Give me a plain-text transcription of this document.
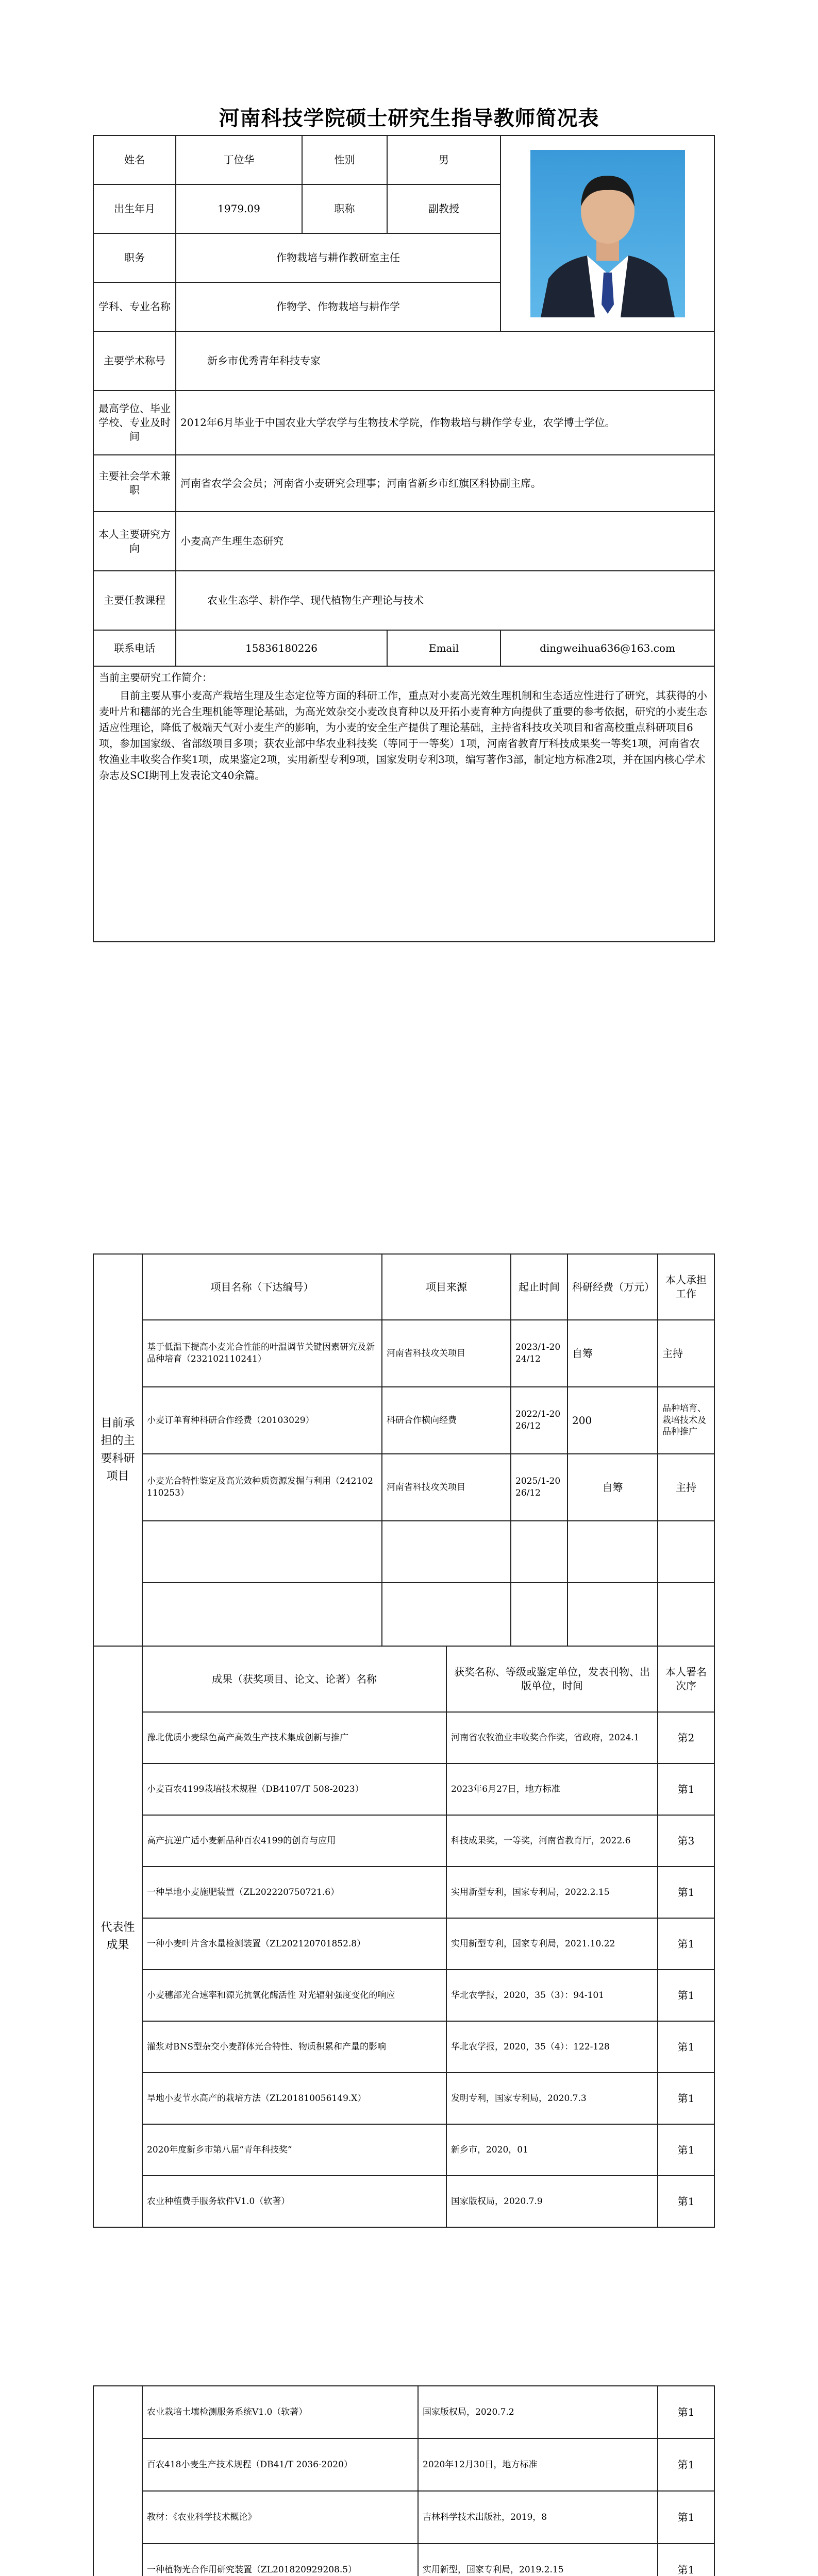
河南科技学院硕士研究生指导教师简况表
姓名	丁位华	性别	男	

出生年月	1979.09	职称	副教授	
职务	作物栽培与耕作教研室主任			
学科、专业名称	作物学、作物栽培与耕作学			
主要学术称号	新乡市优秀青年科技专家			
最高学位、毕业学校、专业及时间	2012年6月毕业于中国农业大学农学与生物技术学院，作物栽培与耕作学专业，农学博士学位。			
主要社会学术兼职	河南省农学会会员；河南省小麦研究会理事；河南省新乡市红旗区科协副主席。			
本人主要研究方向	小麦高产生理生态研究			
主要任教课程	农业生态学、耕作学、现代植物生产理论与技术			
联系电话	15836180226		Email	dingweihua636@163.com

当前主要研究工作简介：

目前主要从事小麦高产栽培生理及生态定位等方面的科研工作，重点对小麦高光效生理机制和生态适应性进行了研究，其获得的小麦叶片和穗部的光合生理机能等理论基础，为高光效杂交小麦改良育种以及开拓小麦育种方向提供了重要的参考依据，研究的小麦生态适应性理论，降低了极端天气对小麦生产的影响，为小麦的安全生产提供了理论基础，主持省科技攻关项目和省高校重点科研项目6项，参加国家级、省部级项目多项；获农业部中华农业科技奖（等同于一等奖）1项，河南省教育厅科技成果奖一等奖1项，河南省农牧渔业丰收奖合作奖1项，成果鉴定2项，实用新型专利9项，国家发明专利3项，编写著作3部，制定地方标准2项，并在国内核心学术杂志及SCI期刊上发表论文40余篇。				

目前承担的主要科研项目	项目名称（下达编号）	项目来源		起止时间	科研经费（万元）	本人承担工作
	基于低温下提高小麦光合性能的叶温调节关键因素研究及新品种培育（232102110241）	河南省科技攻关项目		2023/1-2024/12	自筹	主持
	小麦订单育种科研合作经费（20103029）	科研合作横向经费		2022/1-2026/12	200	品种培育、栽培技术及品种推广
	小麦光合特性鉴定及高光效种质资源发掘与利用（242102110253）	河南省科技攻关项目		2025/1-2026/12	自筹	主持

代表性成果	成果（获奖项目、论文、论著）名称		获奖名称、等级或鉴定单位，发表刊物、出版单位，时间			本人署名次序
	豫北优质小麦绿色高产高效生产技术集成创新与推广		河南省农牧渔业丰收奖合作奖，省政府，2024.1			第2
	小麦百农4199栽培技术规程（DB4107/T 508-2023）		2023年6月27日，地方标准			第1
	高产抗逆广适小麦新品种百农4199的创育与应用		科技成果奖，一等奖，河南省教育厅，2022.6			第3
	一种旱地小麦施肥装置（ZL202220750721.6）		实用新型专利，国家专利局，2022.2.15			第1
	一种小麦叶片含水量检测装置（ZL202120701852.8）		实用新型专利，国家专利局，2021.10.22			第1
	小麦穗部光合速率和源光抗氧化酶活性 对光辐射强度变化的响应		华北农学报，2020，35（3）：94-101			第1
	灌浆对BNS型杂交小麦群体光合特性、物质积累和产量的影响		华北农学报，2020，35（4）：122-128			第1
	旱地小麦节水高产的栽培方法（ZL201810056149.X）		发明专利，国家专利局，2020.7.3			第1
	2020年度新乡市第八届“青年科技奖”		新乡市，2020，01			第1
	农业种植费手服务软件V1.0（软著）		国家版权局，2020.7.9			第1
	农业栽培土壤检测服务系统V1.0（软著）	国家版权局，2020.7.2	第1
	百农418小麦生产技术规程（DB41/T 2036-2020）	2020年12月30日，地方标准	第1
	教材：《农业科学技术概论》	吉林科学技术出版社，2019，8	第1
	一种植物光合作用研究装置（ZL201820929208.5）	实用新型，国家专利局，2019.2.15	第1
